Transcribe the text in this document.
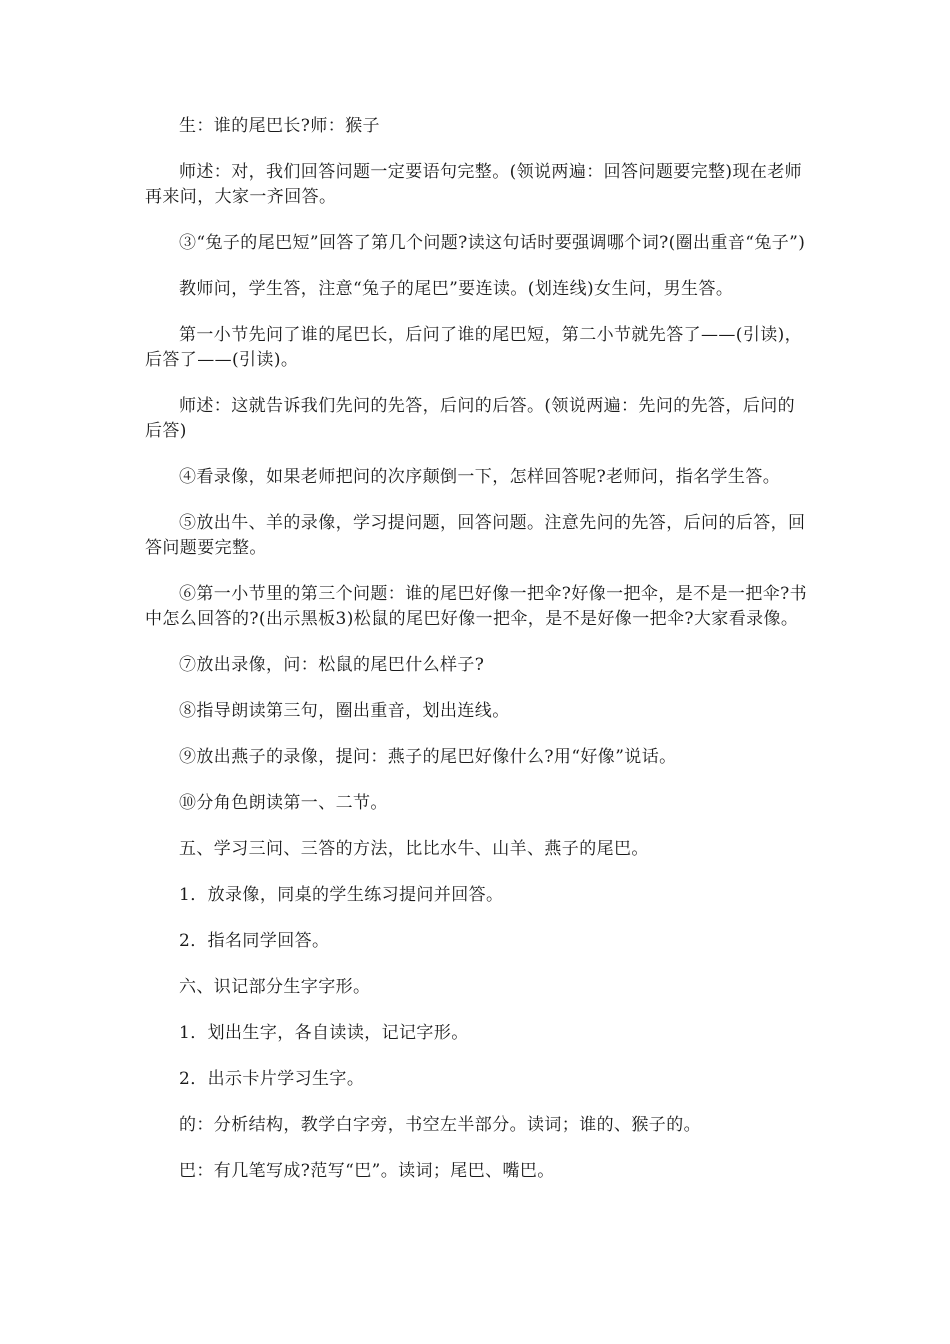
生：谁的尾巴长?师：猴子

师述：对，我们回答问题一定要语句完整。(领说两遍：回答问题要完整)现在老师再来问，大家一齐回答。

③“兔子的尾巴短”回答了第几个问题?读这句话时要强调哪个词?(圈出重音“兔子”)

教师问，学生答，注意“兔子的尾巴”要连读。(划连线)女生问，男生答。

第一小节先问了谁的尾巴长，后问了谁的尾巴短，第二小节就先答了——(引读)，后答了——(引读)。

师述：这就告诉我们先问的先答，后问的后答。(领说两遍：先问的先答，后问的后答)

④看录像，如果老师把问的次序颠倒一下，怎样回答呢?老师问，指名学生答。

⑤放出牛、羊的录像，学习提问题，回答问题。注意先问的先答，后问的后答，回答问题要完整。

⑥第一小节里的第三个问题：谁的尾巴好像一把伞?好像一把伞，是不是一把伞?书中怎么回答的?(出示黑板3)松鼠的尾巴好像一把伞，是不是好像一把伞?大家看录像。

⑦放出录像，问：松鼠的尾巴什么样子?

⑧指导朗读第三句，圈出重音，划出连线。

⑨放出燕子的录像，提问：燕子的尾巴好像什么?用“好像”说话。

⑩分角色朗读第一、二节。

五、学习三问、三答的方法，比比水牛、山羊、燕子的尾巴。

1．放录像，同桌的学生练习提问并回答。

2．指名同学回答。

六、识记部分生字字形。

1．划出生字，各自读读，记记字形。

2．出示卡片学习生字。

的：分析结构，教学白字旁，书空左半部分。读词；谁的、猴子的。

巴：有几笔写成?范写“巴”。读词；尾巴、嘴巴。
